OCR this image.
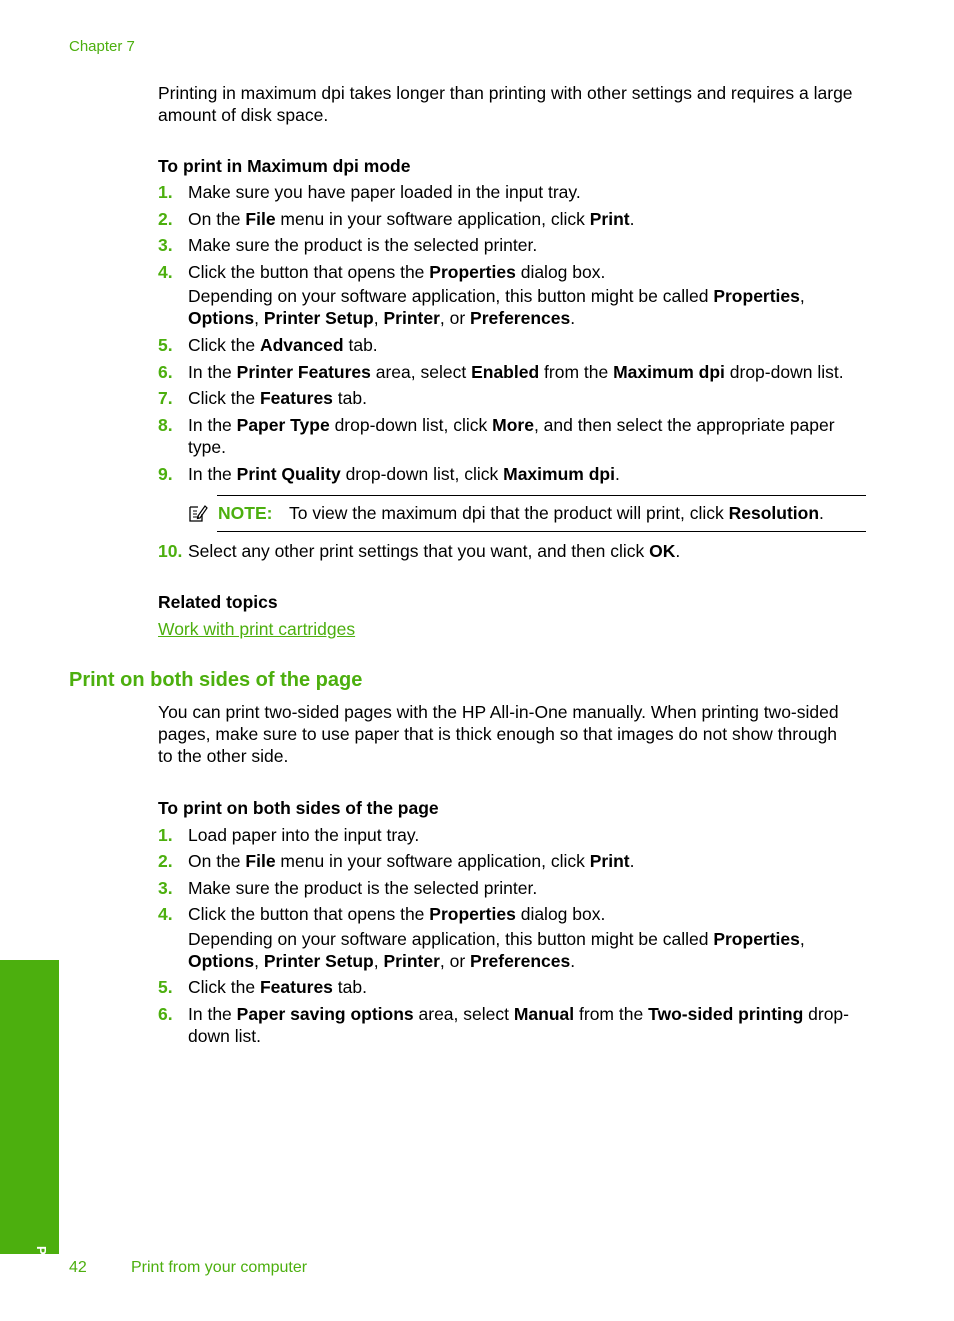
Chapter 7
Printing in maximum dpi takes longer than printing with other settings and requires a large
amount of disk space.
To print in Maximum dpi mode
1. Make sure you have paper loaded in the input tray.
2. On the File menu in your software application, click Print.
3. Make sure the product is the selected printer.
4. Click the button that opens the Properties dialog box.
Depending on your software application, this button might be called Properties,
Options, Printer Setup, Printer, or Preferences.
5. Click the Advanced tab.
6. In the Printer Features area, select Enabled from the Maximum dpi drop-down list.
7. Click the Features tab.
8. In the Paper Type drop-down list, click More, and then select the appropriate paper
type.
9. In the Print Quality drop-down list, click Maximum dpi.
NOTE: To view the maximum dpi that the product will print, click Resolution.
10. Select any other print settings that you want, and then click OK.
Related topics
Work with print cartridges
Print on both sides of the page
You can print two-sided pages with the HP All-in-One manually. When printing two-sided
pages, make sure to use paper that is thick enough so that images do not show through
to the other side.
To print on both sides of the page
1. Load paper into the input tray.
2. On the File menu in your software application, click Print.
3. Make sure the product is the selected printer.
4. Click the button that opens the Properties dialog box.
Depending on your software application, this button might be called Properties,
Options, Printer Setup, Printer, or Preferences.
5. Click the Features tab.
6. In the Paper saving options area, select Manual from the Two-sided printing drop-
down list.
Print 42	Print from your computer
